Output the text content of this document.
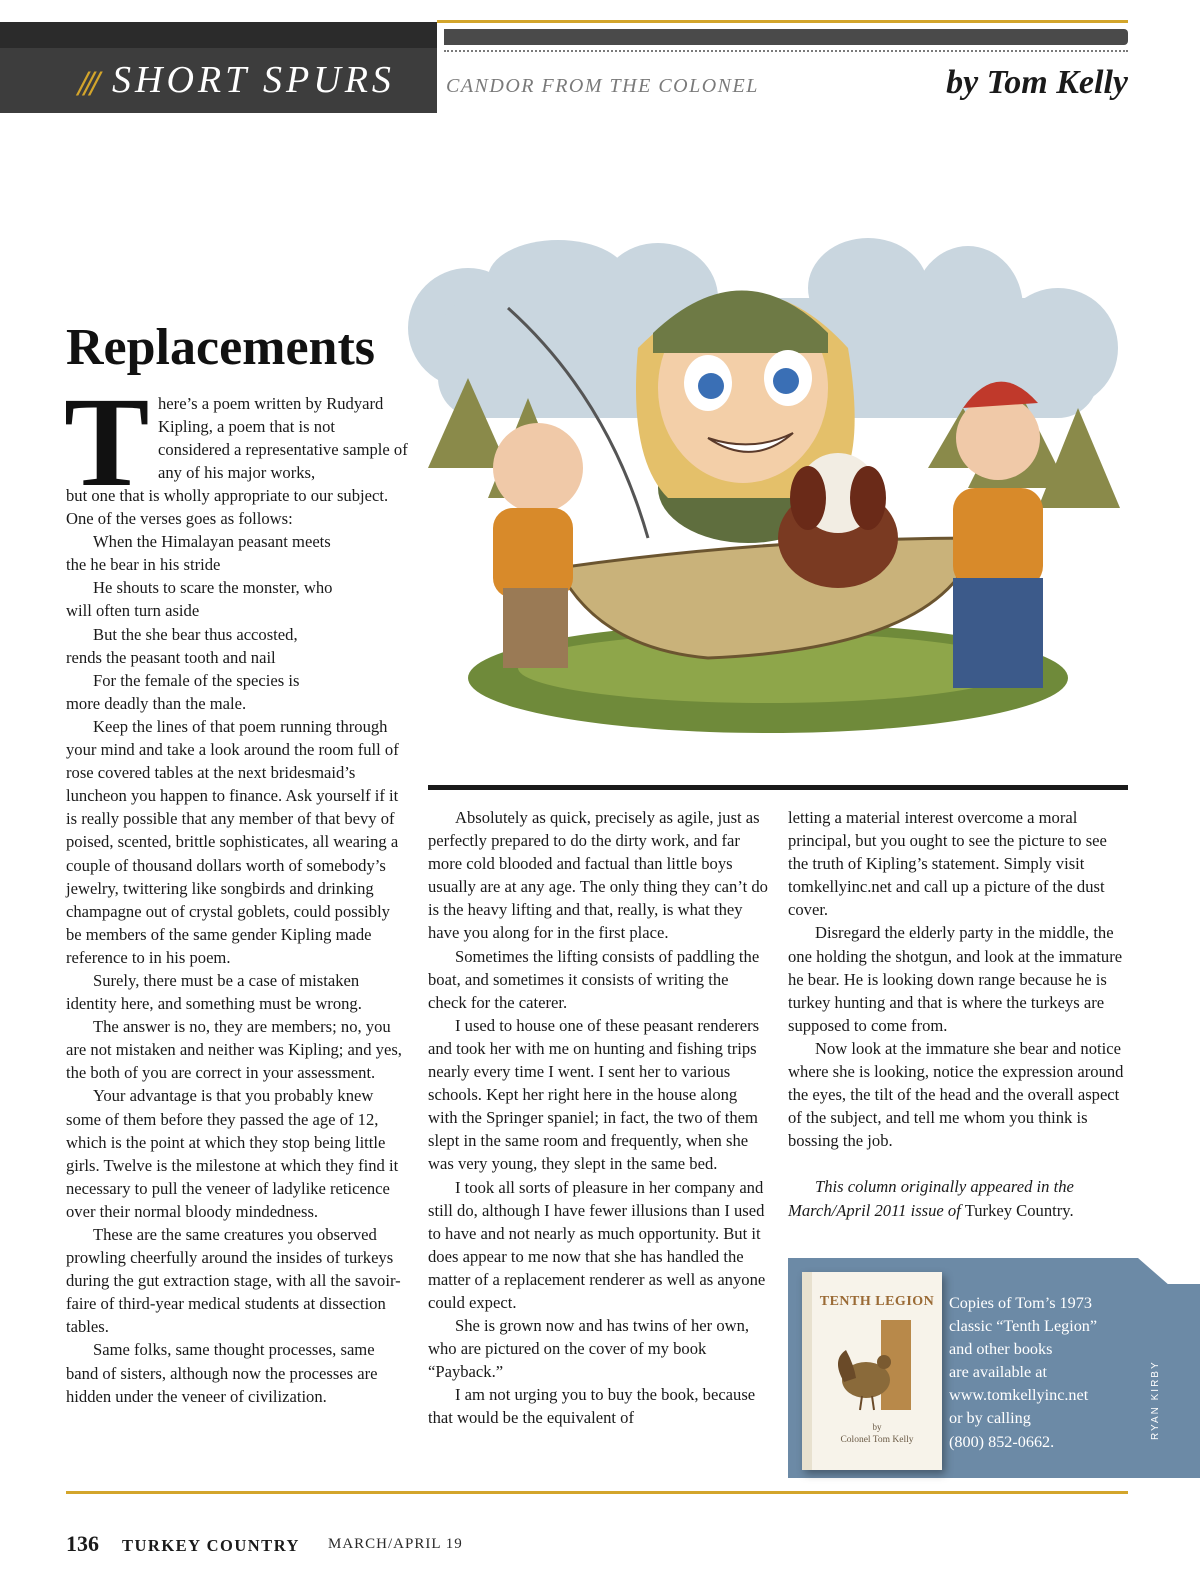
/// SHORT SPURS	CANDOR FROM THE COLONEL	by Tom Kelly
Replacements
T here’s a poem written by Rudyard Kipling, a poem that is not considered a representative sample of any of his major works,

but one that is wholly appropriate to our subject. One of the verses goes as follows:

When the Himalayan peasant meets

the he bear in his stride

He shouts to scare the monster, who

will often turn aside

But the she bear thus accosted,

rends the peasant tooth and nail

For the female of the species is

more deadly than the male.

Keep the lines of that poem running through your mind and take a look around the room full of rose covered tables at the next bridesmaid’s luncheon you happen to finance. Ask yourself if it is really possible that any member of that bevy of poised, scented, brittle sophisticates, all wearing a couple of thousand dollars worth of somebody’s jewelry, twittering like songbirds and drinking champagne out of crystal goblets, could possibly be members of the same gender Kipling made reference to in his poem.

Surely, there must be a case of mistaken identity here, and something must be wrong.

The answer is no, they are members; no, you are not mistaken and neither was Kipling; and yes, the both of you are correct in your assessment.

Your advantage is that you probably knew some of them before they passed the age of 12, which is the point at which they stop being little girls. Twelve is the milestone at which they find it necessary to pull the veneer of ladylike reticence over their normal bloody mindedness.

These are the same creatures you observed prowling cheerfully around the insides of turkeys during the gut extraction stage, with all the savoir-faire of third-year medical students at dissection tables.

Same folks, same thought processes, same band of sisters, although now the processes are hidden under the veneer of civilization.

Absolutely as quick, precisely as agile, just as perfectly prepared to do the dirty work, and far more cold blooded and factual than little boys usually are at any age. The only thing they can’t do is the heavy lifting and that, really, is what they have you along for in the first place.

Sometimes the lifting consists of paddling the boat, and sometimes it consists of writing the check for the caterer.

I used to house one of these peasant renderers and took her with me on hunting and fishing trips nearly every time I went. I sent her to various schools. Kept her right here in the house along with the Springer spaniel; in fact, the two of them slept in the same room and frequently, when she was very young, they slept in the same bed.

I took all sorts of pleasure in her company and still do, although I have fewer illusions than I used to have and not nearly as much opportunity. But it does appear to me now that she has handled the matter of a replacement renderer as well as anyone could expect.

She is grown now and has twins of her own, who are pictured on the cover of my book “Payback.”

I am not urging you to buy the book, because that would be the equivalent of

letting a material interest overcome a moral principal, but you ought to see the picture to see the truth of Kipling’s statement. Simply visit tomkellyinc.net and call up a picture of the dust cover.

Disregard the elderly party in the middle, the one holding the shotgun, and look at the immature he bear. He is looking down range because he is turkey hunting and that is where the turkeys are supposed to come from.

Now look at the immature she bear and notice where she is looking, notice the expression around the eyes, the tilt of the head and the overall aspect of the subject, and tell me whom you think is bossing the job.

This column originally appeared in the March/April 2011 issue of Turkey Country.

TENTH LEGION
by
Colonel Tom Kelly

Copies of Tom’s 1973

classic “Tenth Legion”

and other books

are available at

www.tomkellyinc.net

or by calling

(800) 852-0662.

RYAN KIRBY
136 TURKEY COUNTRY MARCH/APRIL 19
